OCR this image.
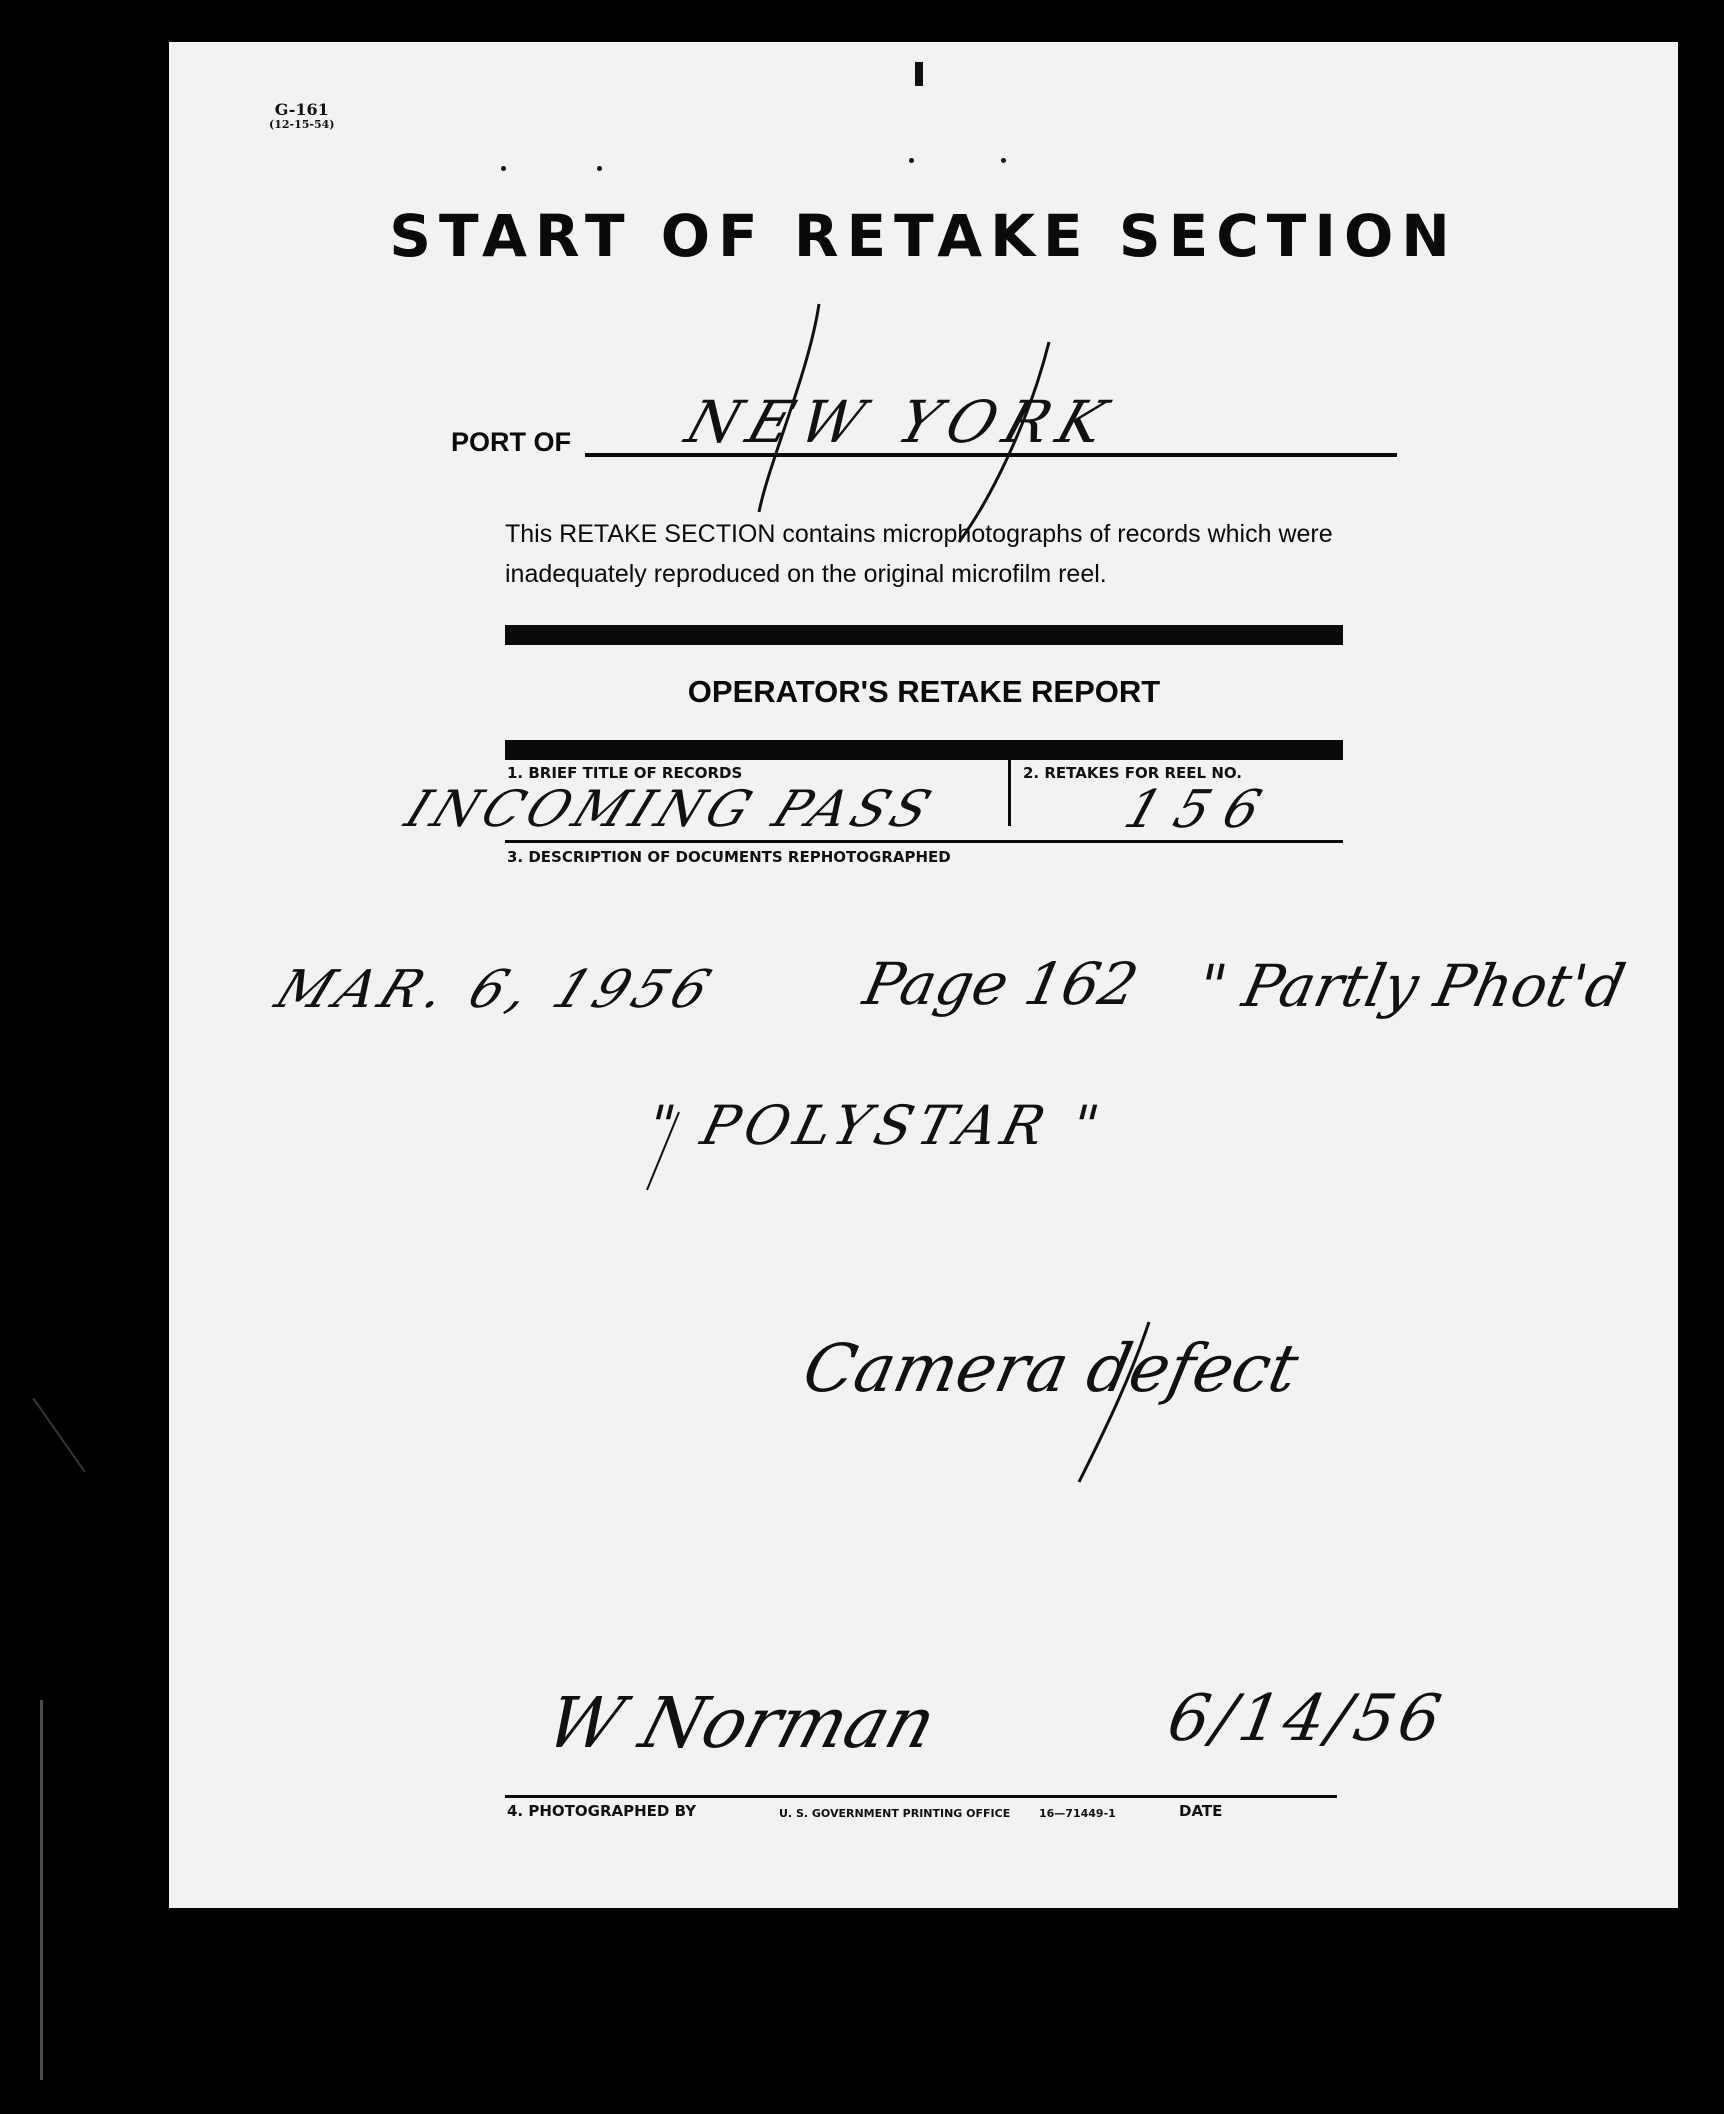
G-161
(12-15-54)
START OF RETAKE SECTION
PORT OF NEW YORK
This RETAKE SECTION contains microphotographs of records which were
inadequately reproduced on the original microfilm reel.
OPERATOR'S RETAKE REPORT
1. BRIEF TITLE OF RECORDS	2. RETAKES FOR REEL NO.
INCOMING PASS	156
3. DESCRIPTION OF DOCUMENTS REPHOTOGRAPHED
MAR. 6, 1956 Page 162 " Partly Phot'd
" POLYSTAR "
Camera defect
W Norman	6/14/56
4. PHOTOGRAPHED BY	U. S. GOVERNMENT PRINTING OFFICE	16—71449-1	DATE
